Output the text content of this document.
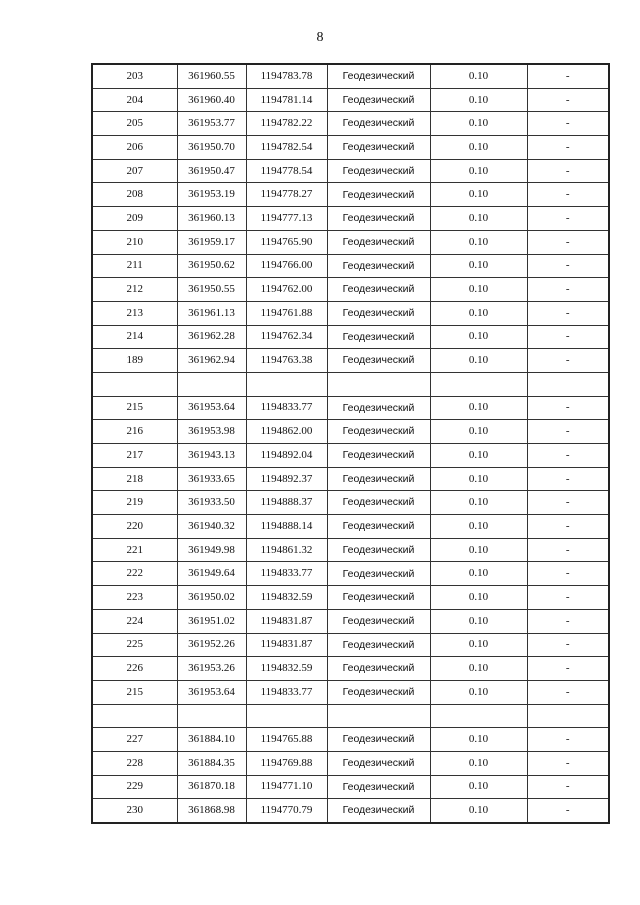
8
203	361960.55	1194783.78	Геодезический	0.10	-
204	361960.40	1194781.14	Геодезический	0.10	-
205	361953.77	1194782.22	Геодезический	0.10	-
206	361950.70	1194782.54	Геодезический	0.10	-
207	361950.47	1194778.54	Геодезический	0.10	-
208	361953.19	1194778.27	Геодезический	0.10	-
209	361960.13	1194777.13	Геодезический	0.10	-
210	361959.17	1194765.90	Геодезический	0.10	-
211	361950.62	1194766.00	Геодезический	0.10	-
212	361950.55	1194762.00	Геодезический	0.10	-
213	361961.13	1194761.88	Геодезический	0.10	-
214	361962.28	1194762.34	Геодезический	0.10	-
189	361962.94	1194763.38	Геодезический	0.10	-

215	361953.64	1194833.77	Геодезический	0.10	-
216	361953.98	1194862.00	Геодезический	0.10	-
217	361943.13	1194892.04	Геодезический	0.10	-
218	361933.65	1194892.37	Геодезический	0.10	-
219	361933.50	1194888.37	Геодезический	0.10	-
220	361940.32	1194888.14	Геодезический	0.10	-
221	361949.98	1194861.32	Геодезический	0.10	-
222	361949.64	1194833.77	Геодезический	0.10	-
223	361950.02	1194832.59	Геодезический	0.10	-
224	361951.02	1194831.87	Геодезический	0.10	-
225	361952.26	1194831.87	Геодезический	0.10	-
226	361953.26	1194832.59	Геодезический	0.10	-
215	361953.64	1194833.77	Геодезический	0.10	-

227	361884.10	1194765.88	Геодезический	0.10	-
228	361884.35	1194769.88	Геодезический	0.10	-
229	361870.18	1194771.10	Геодезический	0.10	-
230	361868.98	1194770.79	Геодезический	0.10	-
